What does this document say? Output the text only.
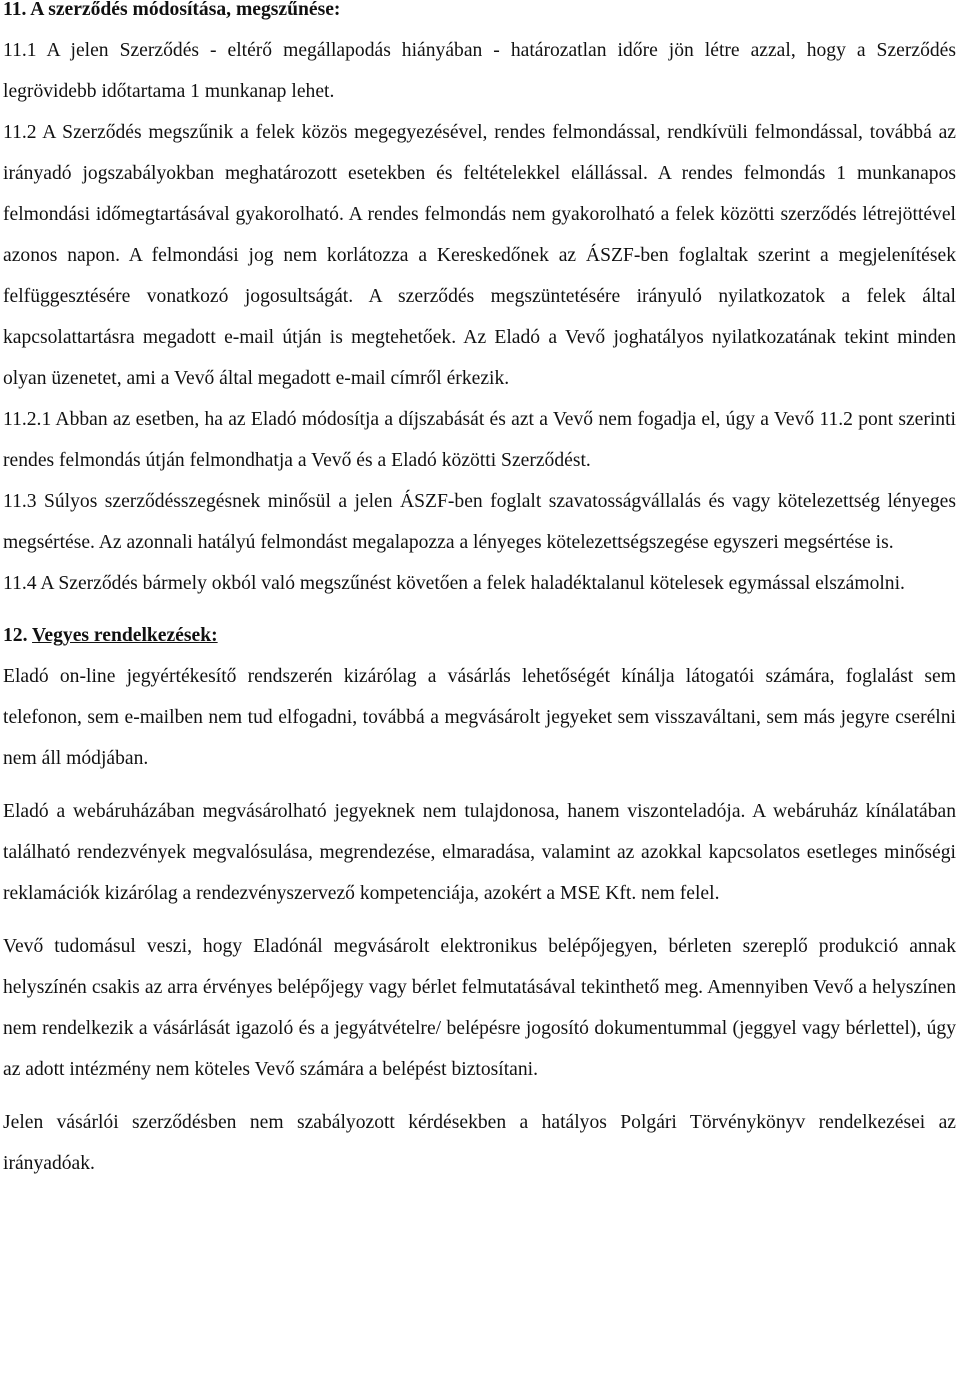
11. A szerződés módosítása, megszűnése:

11.1 A jelen Szerződés - eltérő megállapodás hiányában - határozatlan időre jön létre azzal, hogy a Szerződés legrövidebb időtartama 1 munkanap lehet.

11.2 A Szerződés megszűnik a felek közös megegyezésével, rendes felmondással, rendkívüli felmondással, továbbá az irányadó jogszabályokban meghatározott esetekben és feltételekkel elállással. A rendes felmondás 1 munkanapos felmondási időmegtartásával gyakorolható. A rendes felmondás nem gyakorolható a felek közötti szerződés létrejöttével azonos napon. A felmondási jog nem korlátozza a Kereskedőnek az ÁSZF-ben foglaltak szerint a megjelenítések felfüggesztésére vonatkozó jogosultságát. A szerződés megszüntetésére irányuló nyilatkozatok a felek által kapcsolattartásra megadott e-mail útján is megtehetőek. Az Eladó a Vevő joghatályos nyilatkozatának tekint minden olyan üzenetet, ami a Vevő által megadott e-mail címről érkezik.

11.2.1 Abban az esetben, ha az Eladó módosítja a díjszabását és azt a Vevő nem fogadja el, úgy a Vevő 11.2 pont szerinti rendes felmondás útján felmondhatja a Vevő és a Eladó közötti Szerződést.

11.3 Súlyos szerződésszegésnek minősül a jelen ÁSZF-ben foglalt szavatosságvállalás és vagy kötelezettség lényeges megsértése. Az azonnali hatályú felmondást megalapozza a lényeges kötelezettségszegése egyszeri megsértése is.

11.4 A Szerződés bármely okból való megszűnést követően a felek haladéktalanul kötelesek egymással elszámolni.

12. Vegyes rendelkezések:

Eladó on-line jegyértékesítő rendszerén kizárólag a vásárlás lehetőségét kínálja látogatói számára, foglalást sem telefonon, sem e-mailben nem tud elfogadni, továbbá a megvásárolt jegyeket sem visszaváltani, sem más jegyre cserélni nem áll módjában.

Eladó a webáruházában megvásárolható jegyeknek nem tulajdonosa, hanem viszonteladója. A webáruház kínálatában található rendezvények megvalósulása, megrendezése, elmaradása, valamint az azokkal kapcsolatos esetleges minőségi reklamációk kizárólag a rendezvényszervező kompetenciája, azokért a MSE Kft. nem felel.

Vevő tudomásul veszi, hogy Eladónál megvásárolt elektronikus belépőjegyen, bérleten szereplő produkció annak helyszínén csakis az arra érvényes belépőjegy vagy bérlet felmutatásával tekinthető meg. Amennyiben Vevő a helyszínen nem rendelkezik a vásárlását igazoló és a jegyátvételre/ belépésre jogosító dokumentummal (jeggyel vagy bérlettel), úgy az adott intézmény nem köteles Vevő számára a belépést biztosítani.

Jelen vásárlói szerződésben nem szabályozott kérdésekben a hatályos Polgári Törvénykönyv rendelkezései az irányadóak.
